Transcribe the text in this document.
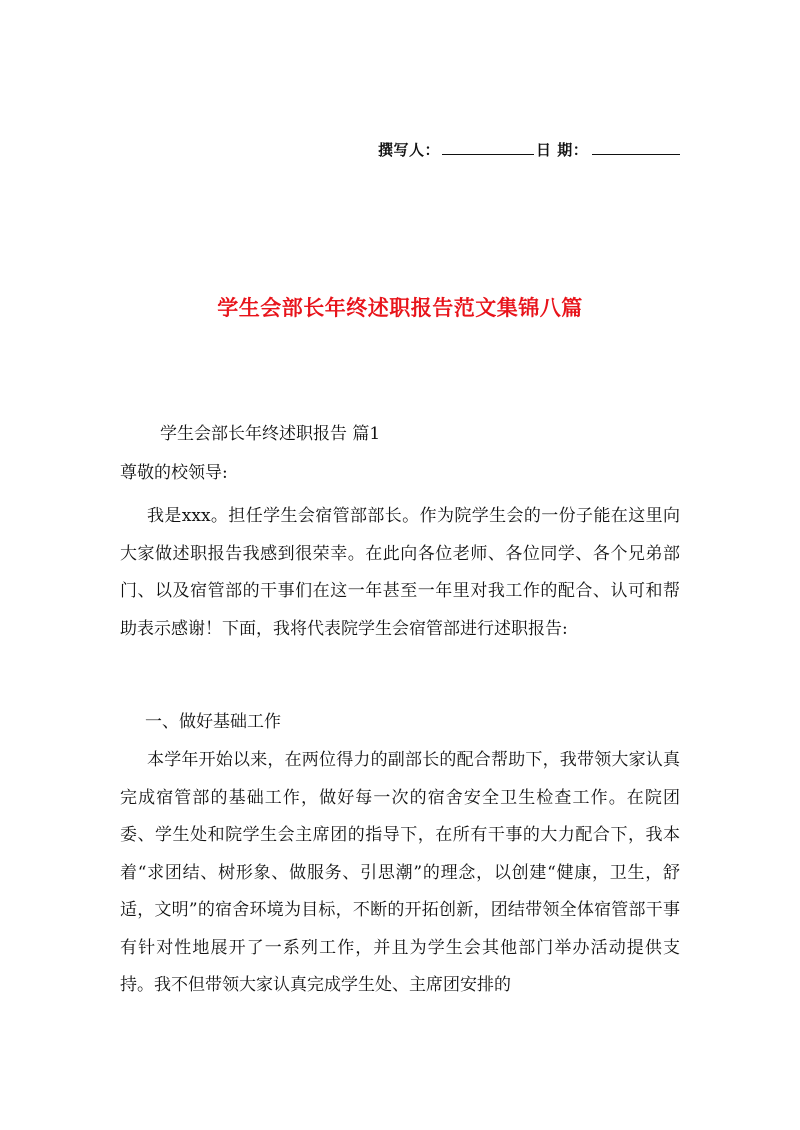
撰写人：	日 期：
学生会部长年终述职报告范文集锦八篇
学生会部长年终述职报告 篇1
尊敬的校领导:
我是xxx。担任学生会宿管部部长。作为院学生会的一份子能在这里向大家做述职报告我感到很荣幸。在此向各位老师、各位同学、各个兄弟部门、以及宿管部的干事们在这一年甚至一年里对我工作的配合、认可和帮助表示感谢！下面，我将代表院学生会宿管部进行述职报告:
一、做好基础工作
本学年开始以来，在两位得力的副部长的配合帮助下，我带领大家认真完成宿管部的基础工作，做好每一次的宿舍安全卫生检查工作。在院团委、学生处和院学生会主席团的指导下，在所有干事的大力配合下，我本着“求团结、树形象、做服务、引思潮”的理念，以创建“健康，卫生，舒适，文明”的宿舍环境为目标，不断的开拓创新，团结带领全体宿管部干事有针对性地展开了一系列工作，并且为学生会其他部门举办活动提供支持。我不但带领大家认真完成学生处、主席团安排的
